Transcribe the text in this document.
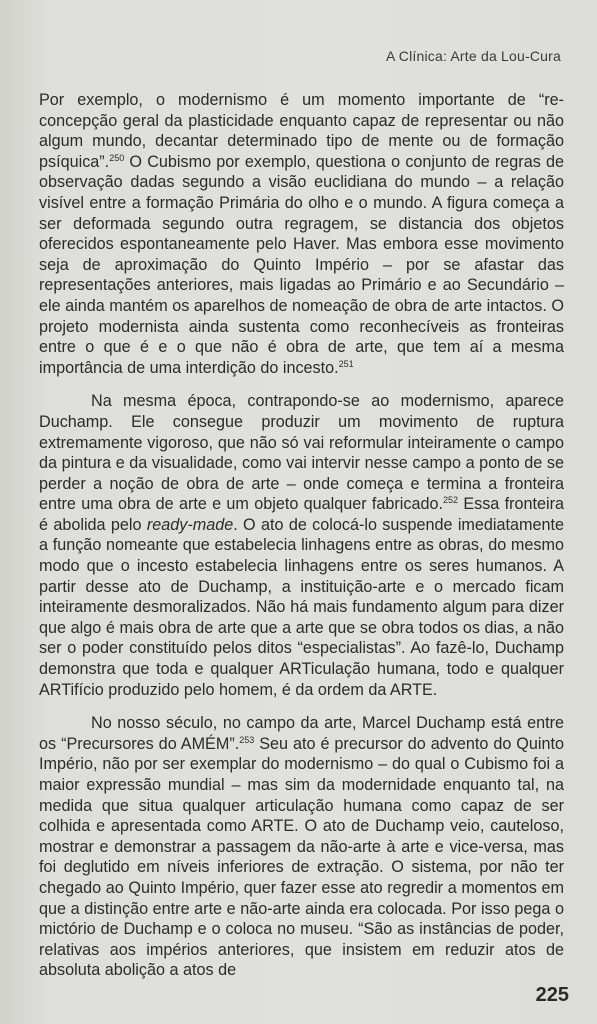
A Clínica: Arte da Lou-Cura

Por exemplo, o modernismo é um momento importante de “re-concepção geral da plasticidade enquanto capaz de representar ou não algum mundo, decantar determinado tipo de mente ou de formação psíquica”.$^{250}$ O Cubismo por exemplo, questiona o conjunto de regras de observação dadas segundo a visão euclidiana do mundo – a relação visível entre a formação Primária do olho e o mundo. A figura começa a ser deformada segundo outra regragem, se distancia dos objetos oferecidos espontaneamente pelo Haver. Mas embora esse movimento seja de aproximação do Quinto Império – por se afastar das representações anteriores, mais ligadas ao Primário e ao Secundário – ele ainda mantém os aparelhos de nomeação de obra de arte intactos. O projeto modernista ainda sustenta como reconhecíveis as fronteiras entre o que é e o que não é obra de arte, que tem aí a mesma importância de uma interdição do incesto.$^{251}$

Na mesma época, contrapondo-se ao modernismo, aparece Duchamp. Ele consegue produzir um movimento de ruptura extremamente vigoroso, que não só vai reformular inteiramente o campo da pintura e da visualidade, como vai intervir nesse campo a ponto de se perder a noção de obra de arte – onde começa e termina a fronteira entre uma obra de arte e um objeto qualquer fabricado.$^{252}$ Essa fronteira é abolida pelo ready-made. O ato de colocá-lo suspende imediatamente a função nomeante que estabelecia linhagens entre as obras, do mesmo modo que o incesto estabelecia linhagens entre os seres humanos. A partir desse ato de Duchamp, a instituição-arte e o mercado ficam inteiramente desmoralizados. Não há mais fundamento algum para dizer que algo é mais obra de arte que a arte que se obra todos os dias, a não ser o poder constituído pelos ditos “especialistas”. Ao fazê-lo, Duchamp demonstra que toda e qualquer ARTiculação humana, todo e qualquer ARTifício produzido pelo homem, é da ordem da ARTE.

No nosso século, no campo da arte, Marcel Duchamp está entre os “Precursores do AMÉM”.$^{253}$ Seu ato é precursor do advento do Quinto Império, não por ser exemplar do modernismo – do qual o Cubismo foi a maior expressão mundial – mas sim da modernidade enquanto tal, na medida que situa qualquer articulação humana como capaz de ser colhida e apresentada como ARTE. O ato de Duchamp veio, cauteloso, mostrar e demonstrar a passagem da não-arte à arte e vice-versa, mas foi deglutido em níveis inferiores de extração. O sistema, por não ter chegado ao Quinto Império, quer fazer esse ato regredir a momentos em que a distinção entre arte e não-arte ainda era colocada. Por isso pega o mictório de Duchamp e o coloca no museu. “São as instâncias de poder, relativas aos impérios anteriores, que insistem em reduzir atos de absoluta abolição a atos de

225
